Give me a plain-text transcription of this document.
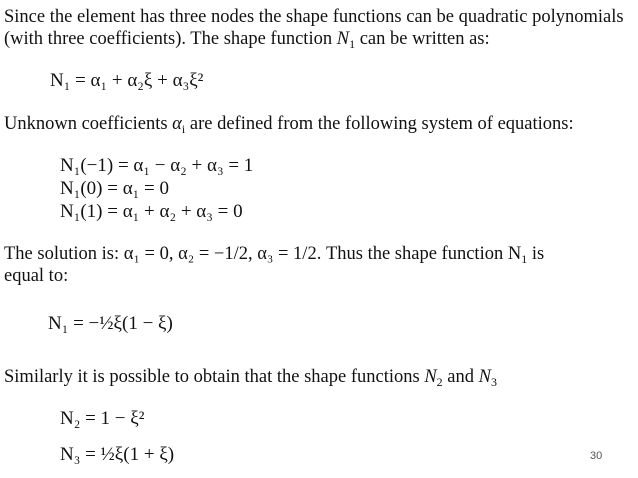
Since the element has three nodes the shape functions can be quadratic polynomials
(with three coefficients). The shape function $N_1$ can be written as:
N₁ = α₁ + α₂ξ + α₃ξ²
Unknown coefficients $\alpha_i$ are defined from the following system of equations:
N₁(−1) = α₁ − α₂ + α₃ = 1
N₁(0) = α₁ = 0
N₁(1) = α₁ + α₂ + α₃ = 0
The solution is: α₁ = 0, α₂ = −1/2, α₃ = 1/2. Thus the shape function $N_1$ is
equal to:
N₁ = −½ξ(1 − ξ)
Similarly it is possible to obtain that the shape functions $N_2$ and $N_3$
N₂ = 1 − ξ²
N₃ = ½ξ(1 + ξ)	30
